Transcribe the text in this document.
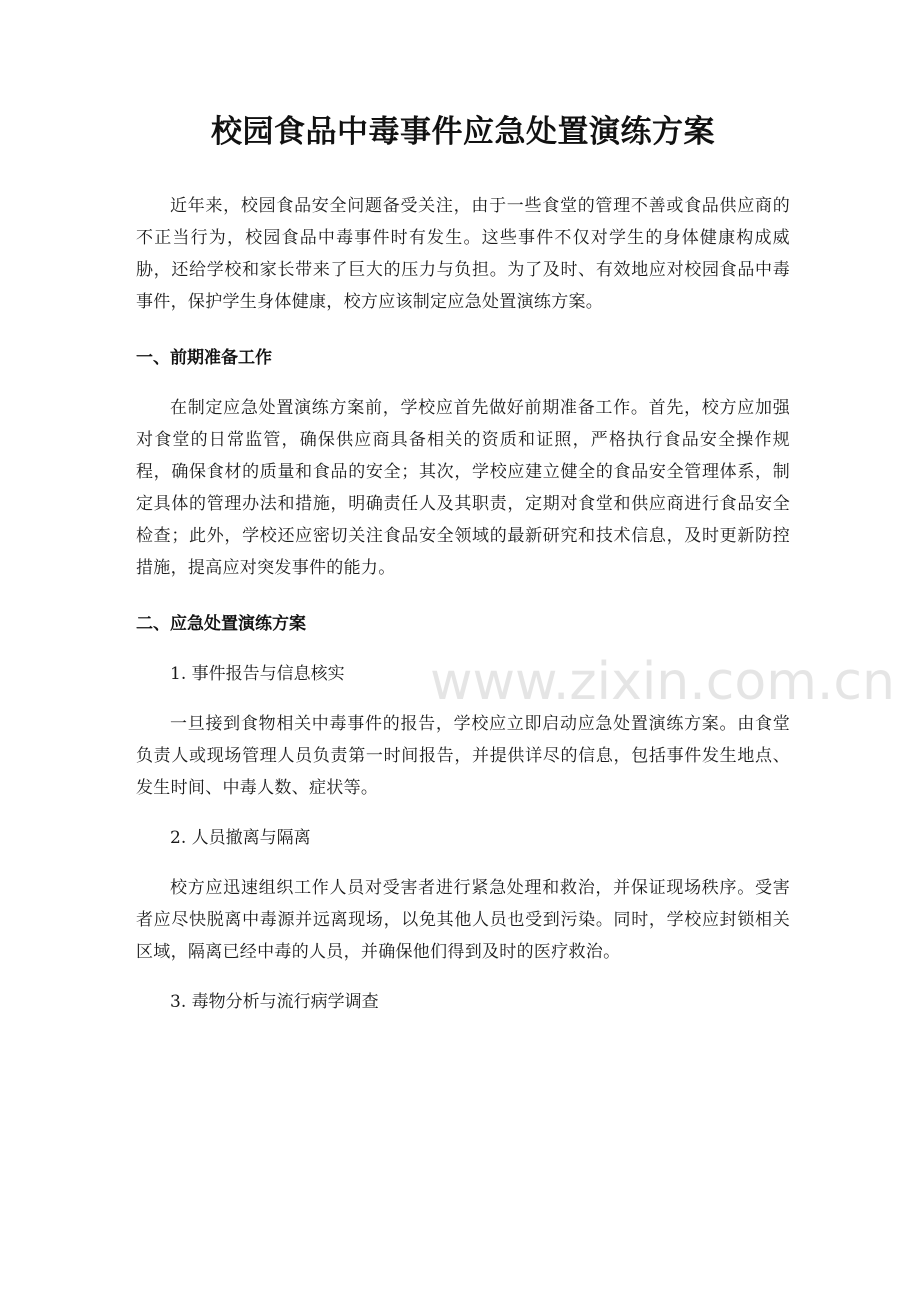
校园食品中毒事件应急处置演练方案

近年来，校园食品安全问题备受关注，由于一些食堂的管理不善或食品供应商的不正当行为，校园食品中毒事件时有发生。这些事件不仅对学生的身体健康构成威胁，还给学校和家长带来了巨大的压力与负担。为了及时、有效地应对校园食品中毒事件，保护学生身体健康，校方应该制定应急处置演练方案。

一、前期准备工作

在制定应急处置演练方案前，学校应首先做好前期准备工作。首先，校方应加强对食堂的日常监管，确保供应商具备相关的资质和证照，严格执行食品安全操作规程，确保食材的质量和食品的安全；其次，学校应建立健全的食品安全管理体系，制定具体的管理办法和措施，明确责任人及其职责，定期对食堂和供应商进行食品安全检查；此外，学校还应密切关注食品安全领域的最新研究和技术信息，及时更新防控措施，提高应对突发事件的能力。

二、应急处置演练方案

1. 事件报告与信息核实

一旦接到食物相关中毒事件的报告，学校应立即启动应急处置演练方案。由食堂负责人或现场管理人员负责第一时间报告，并提供详尽的信息，包括事件发生地点、发生时间、中毒人数、症状等。

2. 人员撤离与隔离

校方应迅速组织工作人员对受害者进行紧急处理和救治，并保证现场秩序。受害者应尽快脱离中毒源并远离现场，以免其他人员也受到污染。同时，学校应封锁相关区域，隔离已经中毒的人员，并确保他们得到及时的医疗救治。

3. 毒物分析与流行病学调查

www.zixin.com.cn
